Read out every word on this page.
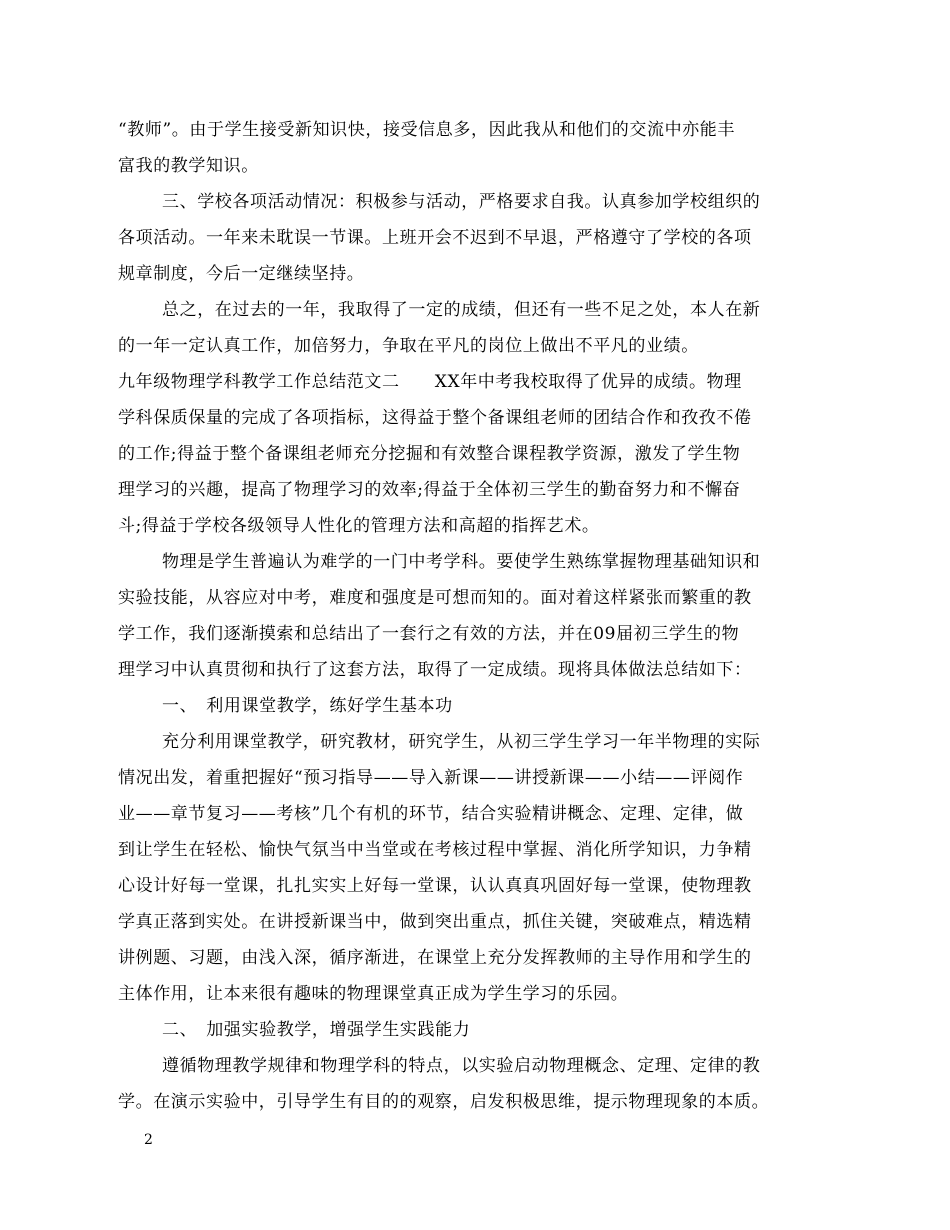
“教师”。由于学生接受新知识快，接受信息多，因此我从和他们的交流中亦能丰
富我的教学知识。
三、学校各项活动情况：积极参与活动，严格要求自我。认真参加学校组织的
各项活动。一年来未耽误一节课。上班开会不迟到不早退，严格遵守了学校的各项
规章制度，今后一定继续坚持。
总之，在过去的一年，我取得了一定的成绩，但还有一些不足之处，本人在新
的一年一定认真工作，加倍努力，争取在平凡的岗位上做出不平凡的业绩。
九年级物理学科教学工作总结范文二　　XX年中考我校取得了优异的成绩。物理
学科保质保量的完成了各项指标，这得益于整个备课组老师的团结合作和孜孜不倦
的工作;得益于整个备课组老师充分挖掘和有效整合课程教学资源，激发了学生物
理学习的兴趣，提高了物理学习的效率;得益于全体初三学生的勤奋努力和不懈奋
斗;得益于学校各级领导人性化的管理方法和高超的指挥艺术。
物理是学生普遍认为难学的一门中考学科。要使学生熟练掌握物理基础知识和
实验技能，从容应对中考，难度和强度是可想而知的。面对着这样紧张而繁重的教
学工作，我们逐渐摸索和总结出了一套行之有效的方法，并在09届初三学生的物
理学习中认真贯彻和执行了这套方法，取得了一定成绩。现将具体做法总结如下：
一、　利用课堂教学，练好学生基本功
充分利用课堂教学，研究教材，研究学生，从初三学生学习一年半物理的实际
情况出发，着重把握好“预习指导——导入新课——讲授新课——小结——评阅作
业——章节复习——考核”几个有机的环节，结合实验精讲概念、定理、定律，做
到让学生在轻松、愉快气氛当中当堂或在考核过程中掌握、消化所学知识，力争精
心设计好每一堂课，扎扎实实上好每一堂课，认认真真巩固好每一堂课，使物理教
学真正落到实处。在讲授新课当中，做到突出重点，抓住关键，突破难点，精选精
讲例题、习题，由浅入深，循序渐进，在课堂上充分发挥教师的主导作用和学生的
主体作用，让本来很有趣味的物理课堂真正成为学生学习的乐园。
二、　加强实验教学，增强学生实践能力
遵循物理教学规律和物理学科的特点，以实验启动物理概念、定理、定律的教
学。在演示实验中，引导学生有目的的观察，启发积极思维，提示物理现象的本质。
2
